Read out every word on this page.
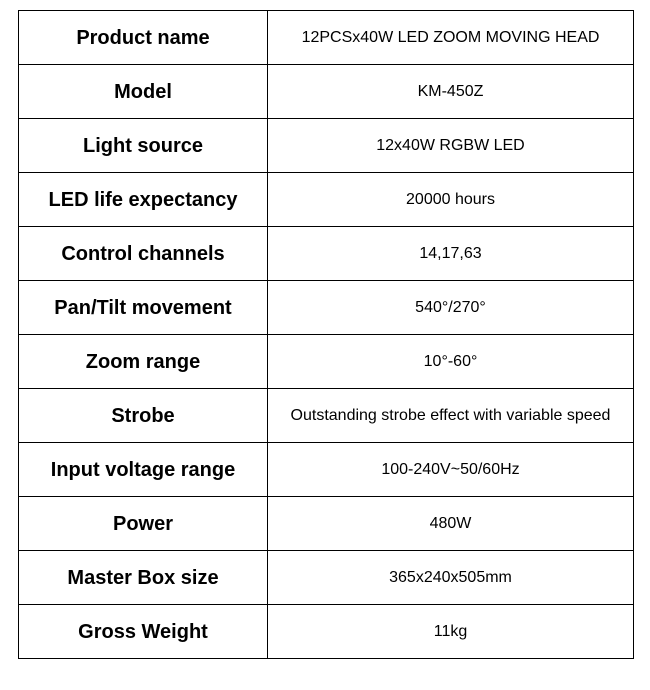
Product name	12PCSx40W LED ZOOM MOVING HEAD
Model	KM-450Z
Light source	12x40W RGBW LED
LED life expectancy	20000 hours
Control channels	14,17,63
Pan/Tilt movement	540°/270°
Zoom range	10°-60°
Strobe	Outstanding strobe effect with variable speed
Input voltage range	100-240V~50/60Hz
Power	480W
Master Box size	365x240x505mm
Gross Weight	11kg
